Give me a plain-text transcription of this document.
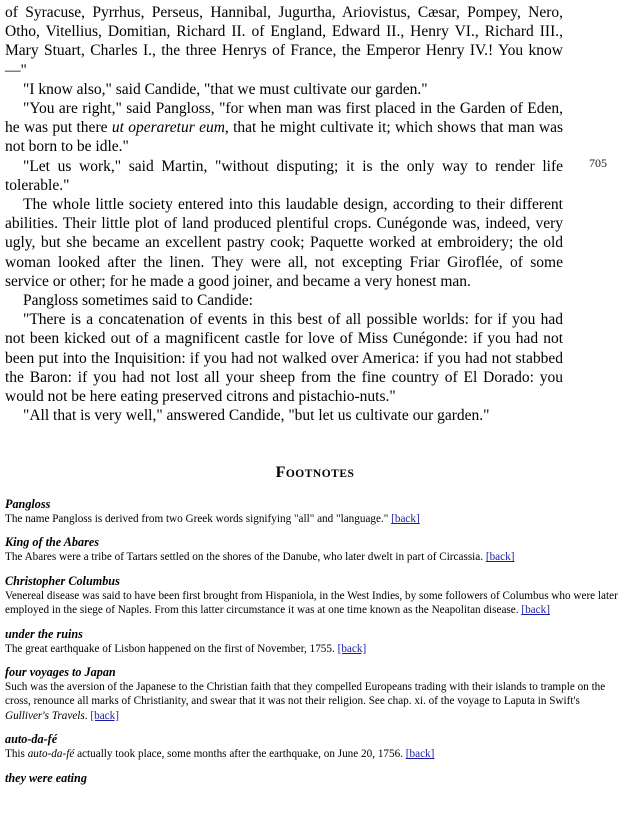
of Syracuse, Pyrrhus, Perseus, Hannibal, Jugurtha, Ariovistus, Cæsar, Pompey, Nero, Otho, Vitellius, Domitian, Richard II. of England, Edward II., Henry VI., Richard III., Mary Stuart, Charles I., the three Henrys of France, the Emperor Henry IV.! You know—"

"I know also," said Candide, "that we must cultivate our garden."

"You are right," said Pangloss, "for when man was first placed in the Garden of Eden, he was put there ut operaretur eum, that he might cultivate it; which shows that man was not born to be idle."

"Let us work," said Martin, "without disputing; it is the only way to render life tolerable."

The whole little society entered into this laudable design, according to their different abilities. Their little plot of land produced plentiful crops. Cunégonde was, indeed, very ugly, but she became an excellent pastry cook; Paquette worked at embroidery; the old woman looked after the linen. They were all, not excepting Friar Giroflée, of some service or other; for he made a good joiner, and became a very honest man.

Pangloss sometimes said to Candide:

"There is a concatenation of events in this best of all possible worlds: for if you had not been kicked out of a magnificent castle for love of Miss Cunégonde: if you had not been put into the Inquisition: if you had not walked over America: if you had not stabbed the Baron: if you had not lost all your sheep from the fine country of El Dorado: you would not be here eating preserved citrons and pistachio-nuts."

"All that is very well," answered Candide, "but let us cultivate our garden."

705
FOOTNOTES
Pangloss
The name Pangloss is derived from two Greek words signifying "all" and "language." [back]
King of the Abares
The Abares were a tribe of Tartars settled on the shores of the Danube, who later dwelt in part of Circassia. [back]
Christopher Columbus
Venereal disease was said to have been first brought from Hispaniola, in the West Indies, by some followers of Columbus who were later employed in the siege of Naples. From this latter circumstance it was at one time known as the Neapolitan disease. [back]
under the ruins
The great earthquake of Lisbon happened on the first of November, 1755. [back]
four voyages to Japan
Such was the aversion of the Japanese to the Christian faith that they compelled Europeans trading with their islands to trample on the cross, renounce all marks of Christianity, and swear that it was not their religion. See chap. xi. of the voyage to Laputa in Swift's Gulliver's Travels. [back]
auto-da-fé
This auto-da-fé actually took place, some months after the earthquake, on June 20, 1756. [back]
they were eating
